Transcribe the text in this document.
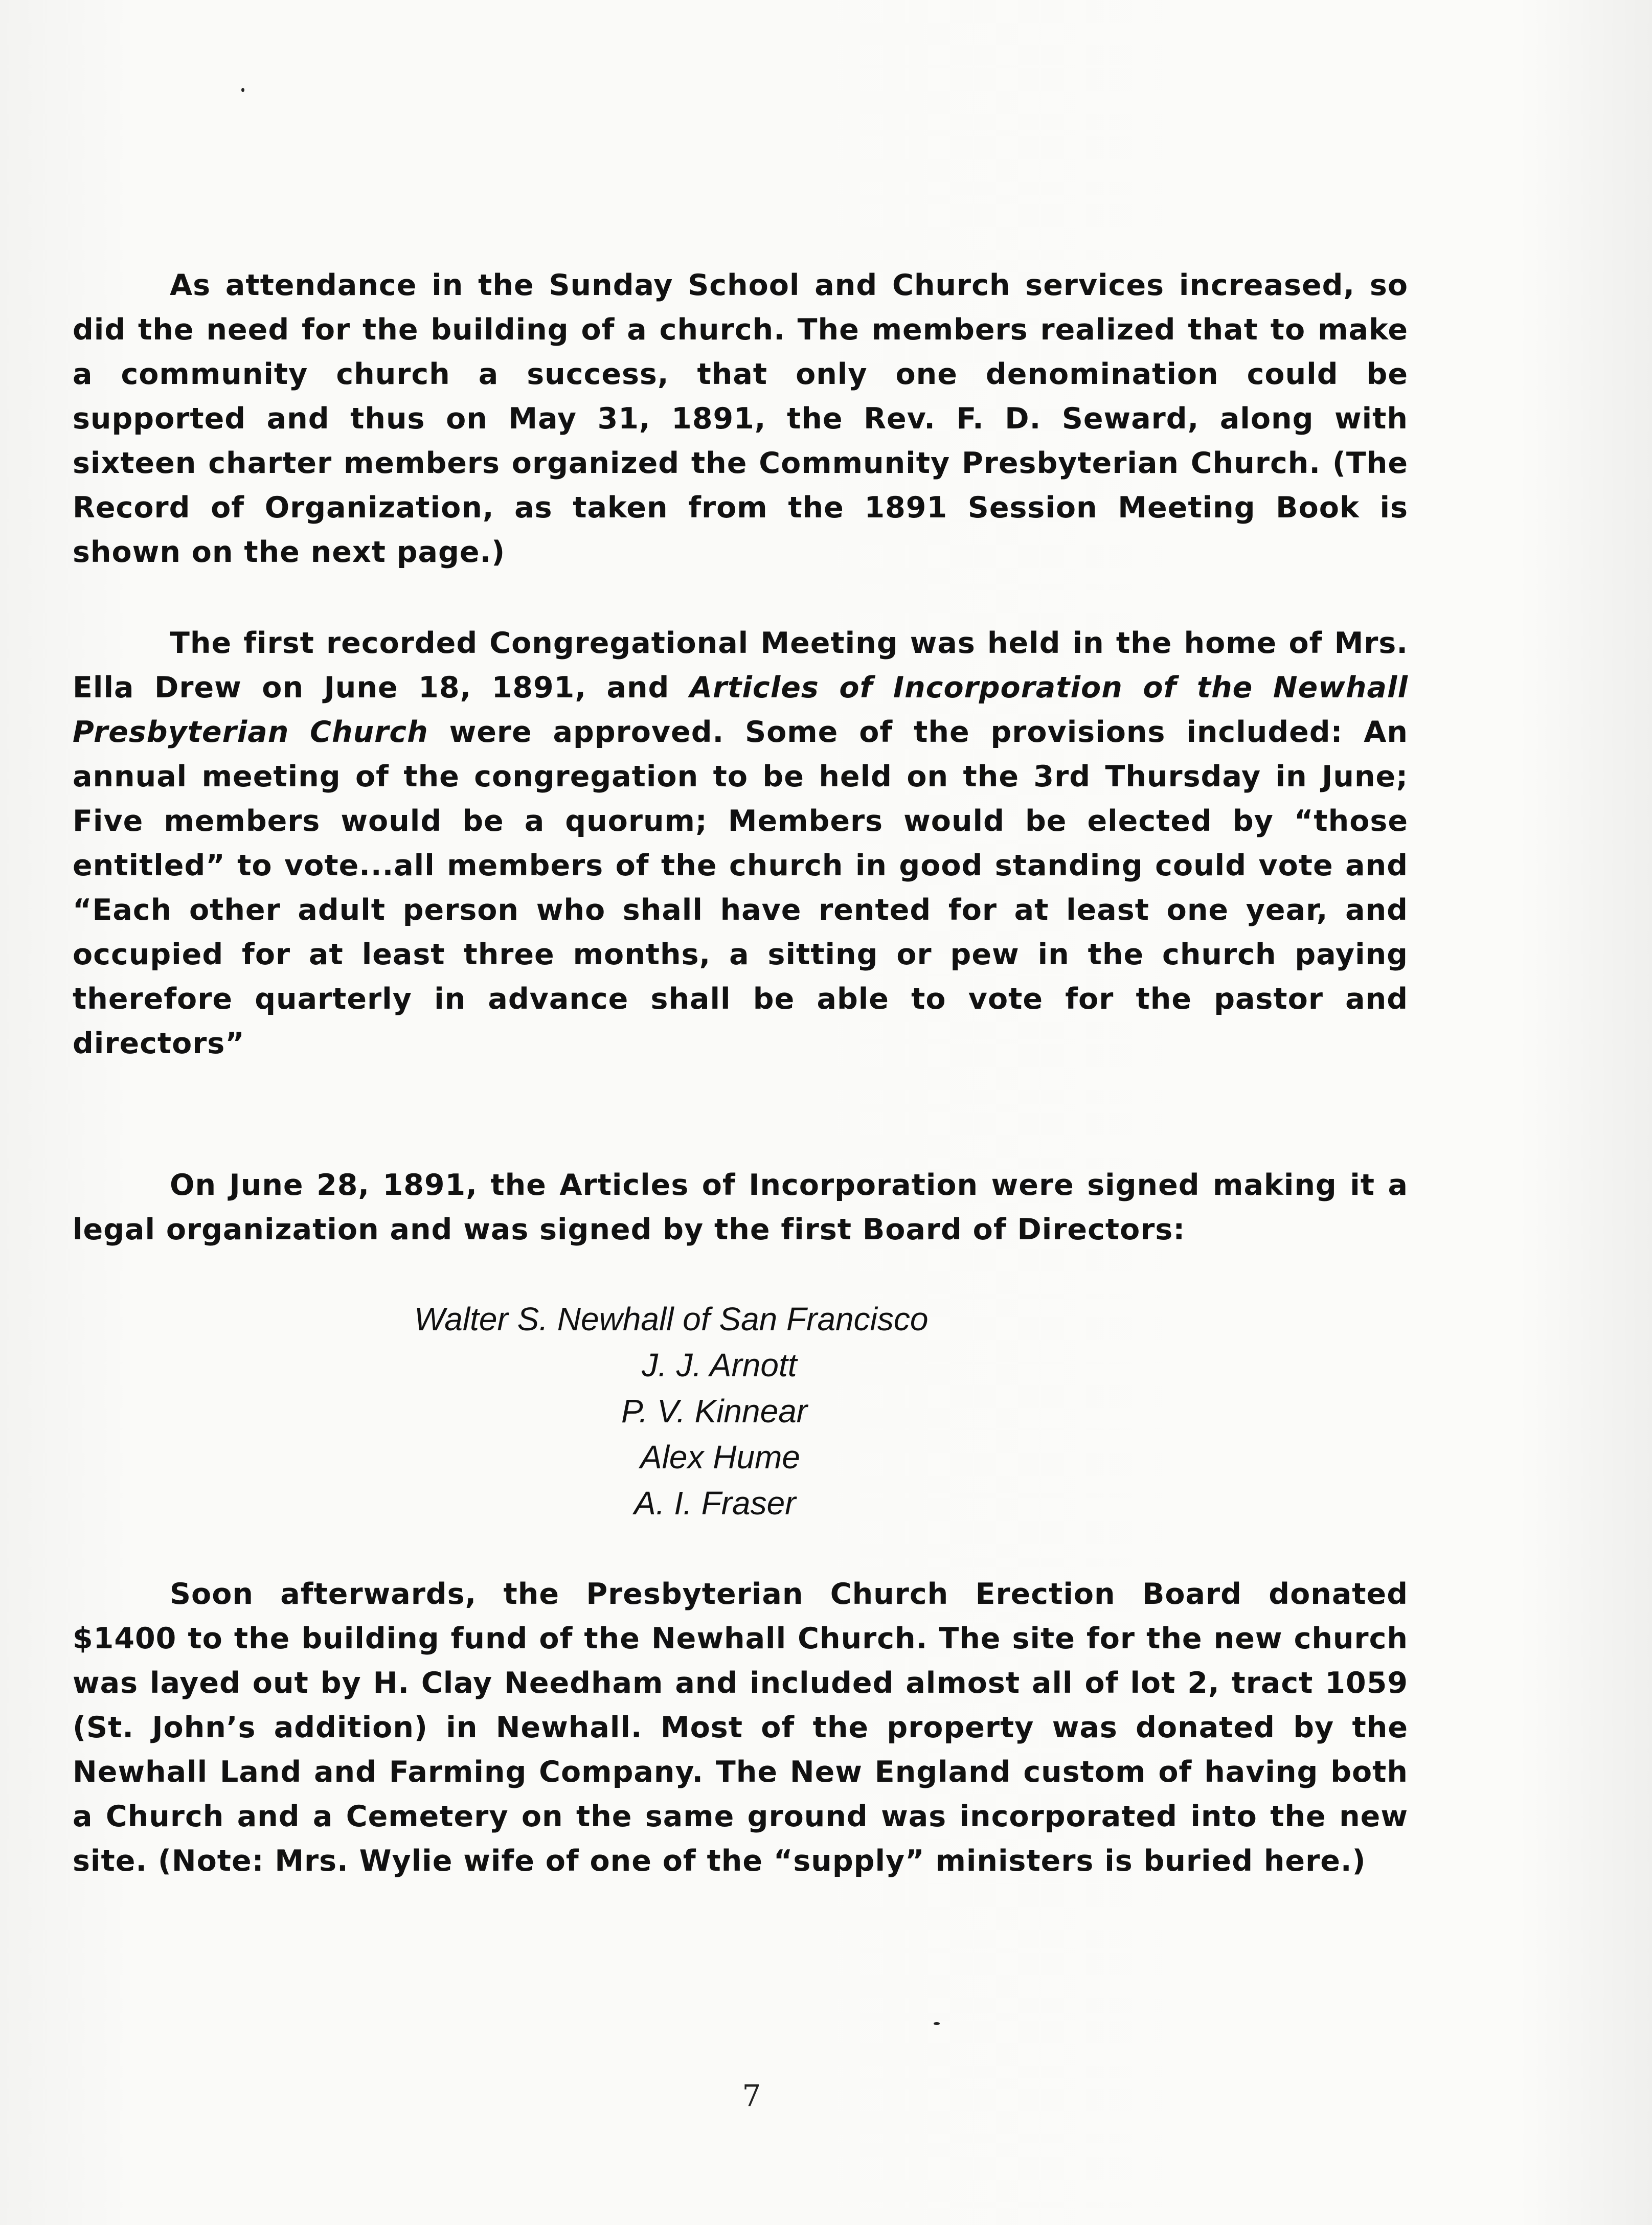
As attendance in the Sunday School and Church services increased, so did the need for the building of a church. The members realized that to make a community church a success, that only one denomination could be supported and thus on May 31, 1891, the Rev. F. D. Seward, along with sixteen charter members organized the Community Presbyterian Church. (The Record of Organization, as taken from the 1891 Session Meeting Book is shown on the next page.)

The first recorded Congregational Meeting was held in the home of Mrs. Ella Drew on June 18, 1891, and Articles of Incorporation of the Newhall Presbyterian Church were approved. Some of the provisions included: An annual meeting of the congregation to be held on the 3rd Thursday in June; Five members would be a quorum; Members would be elected by “those entitled” to vote...all members of the church in good standing could vote and “Each other adult person who shall have rented for at least one year, and occupied for at least three months, a sitting or pew in the church paying therefore quarterly in advance shall be able to vote for the pastor and directors”

On June 28, 1891, the Articles of Incorporation were signed making it a legal organization and was signed by the first Board of Directors:

Walter S. Newhall of San Francisco
J. J. Arnott
P. V. Kinnear
Alex Hume
A. I. Fraser

Soon afterwards, the Presbyterian Church Erection Board donated $1400 to the building fund of the Newhall Church. The site for the new church was layed out by H. Clay Needham and included almost all of lot 2, tract 1059 (St. John’s addition) in Newhall. Most of the property was donated by the Newhall Land and Farming Company. The New England custom of having both a Church and a Cemetery on the same ground was incorporated into the new site. (Note: Mrs. Wylie wife of one of the “supply” ministers is buried here.)

7
